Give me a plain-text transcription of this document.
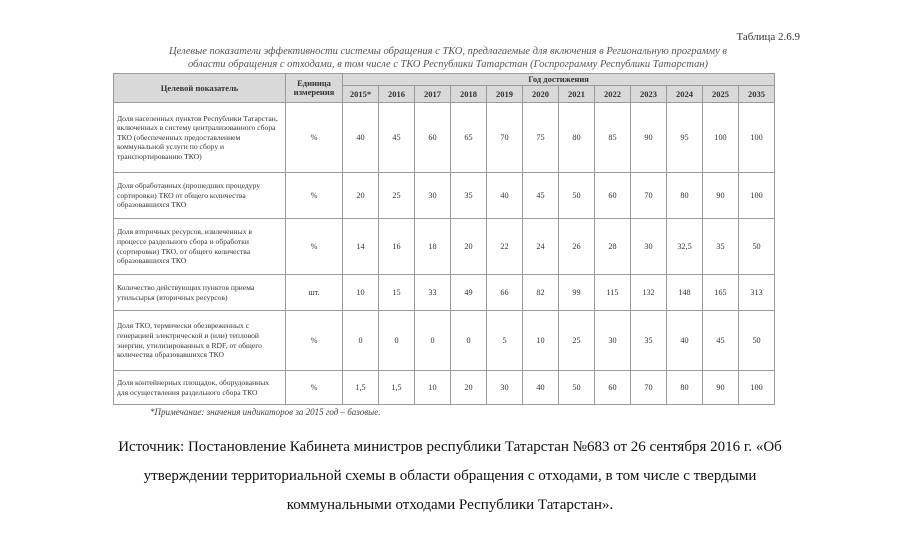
Таблица 2.6.9
Целевые показатели эффективности системы обращения с ТКО, предлагаемые для включения в Региональную программу в
области обращения с отходами, в том числе с ТКО Республики Татарстан (Госпрограмму Республики Татарстан)
Целевой показатель	Единица измерения	Год достижения											
		2015*	2016	2017	2018	2019	2020	2021	2022	2023	2024	2025	2035
Доля населенных пунктов Республики Татарстан, включенных в систему централизованного сбора ТКО (обеспеченных предоставлением коммунальной услуги по сбору и транспортированию ТКО)	%	40	45	60	65	70	75	80	85	90	95	100	100
Доля обработанных (прошедших процедуру сортировки) ТКО от общего количества образовавшихся ТКО	%	20	25	30	35	40	45	50	60	70	80	90	100
Доля вторичных ресурсов, извлеченных в процессе раздельного сбора и обработки (сортировки) ТКО, от общего количества образовавшихся ТКО	%	14	16	18	20	22	24	26	28	30	32,5	35	50
Количество действующих пунктов приема утильсырья (вторичных ресурсов)	шт.	10	15	33	49	66	82	99	115	132	148	165	313
Доля ТКО, термически обезвреженных с генерацией электрической и (или) тепловой энергии, утилизированных в RDF, от общего количества образовавшихся ТКО	%	0	0	0	0	5	10	25	30	35	40	45	50
Доля контейнерных площадок, оборудованных для осуществления раздельного сбора ТКО	%	1,5	1,5	10	20	30	40	50	60	70	80	90	100
*Примечание: значения индикаторов за 2015 год – базовые.
Источник: Постановление Кабинета министров республики Татарстан №683 от 26 сентября 2016 г. «Об утверждении территориальной схемы в области обращения с отходами, в том числе с твердыми коммунальными отходами Республики Татарстан».
